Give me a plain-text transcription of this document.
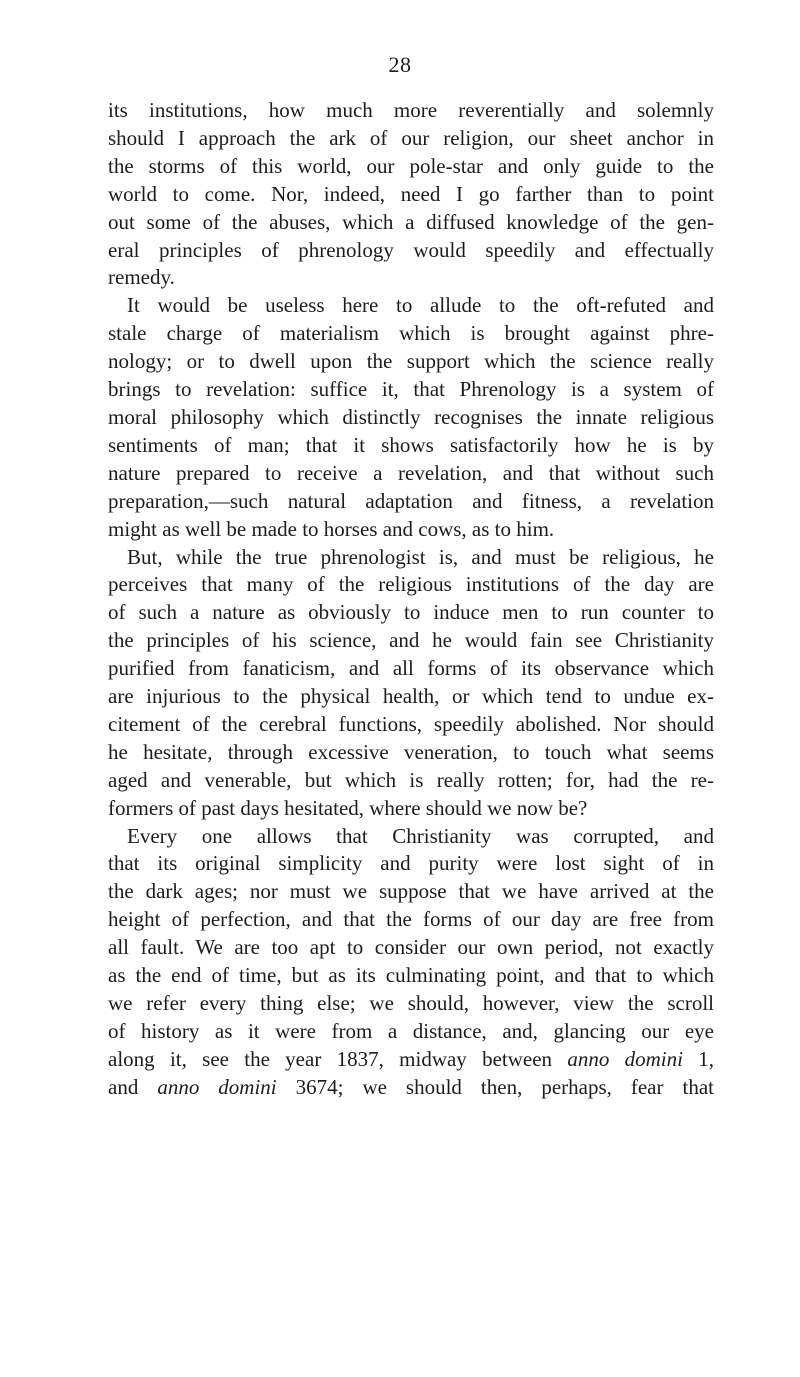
28
its institutions, how much more reverentially and solemnly
should I approach the ark of our religion, our sheet anchor in
the storms of this world, our pole-star and only guide to the
world to come. Nor, indeed, need I go farther than to point
out some of the abuses, which a diffused knowledge of the gen-
eral principles of phrenology would speedily and effectually
remedy.
It would be useless here to allude to the oft-refuted and
stale charge of materialism which is brought against phre-
nology; or to dwell upon the support which the science really
brings to revelation: suffice it, that Phrenology is a system of
moral philosophy which distinctly recognises the innate religious
sentiments of man; that it shows satisfactorily how he is by
nature prepared to receive a revelation, and that without such
preparation,—such natural adaptation and fitness, a revelation
might as well be made to horses and cows, as to him.
But, while the true phrenologist is, and must be religious, he
perceives that many of the religious institutions of the day are
of such a nature as obviously to induce men to run counter to
the principles of his science, and he would fain see Christianity
purified from fanaticism, and all forms of its observance which
are injurious to the physical health, or which tend to undue ex-
citement of the cerebral functions, speedily abolished. Nor should
he hesitate, through excessive veneration, to touch what seems
aged and venerable, but which is really rotten; for, had the re-
formers of past days hesitated, where should we now be?
Every one allows that Christianity was corrupted, and
that its original simplicity and purity were lost sight of in
the dark ages; nor must we suppose that we have arrived at the
height of perfection, and that the forms of our day are free from
all fault. We are too apt to consider our own period, not exactly
as the end of time, but as its culminating point, and that to which
we refer every thing else; we should, however, view the scroll
of history as it were from a distance, and, glancing our eye
along it, see the year 1837, midway between anno domini 1,
and anno domini 3674; we should then, perhaps, fear that
